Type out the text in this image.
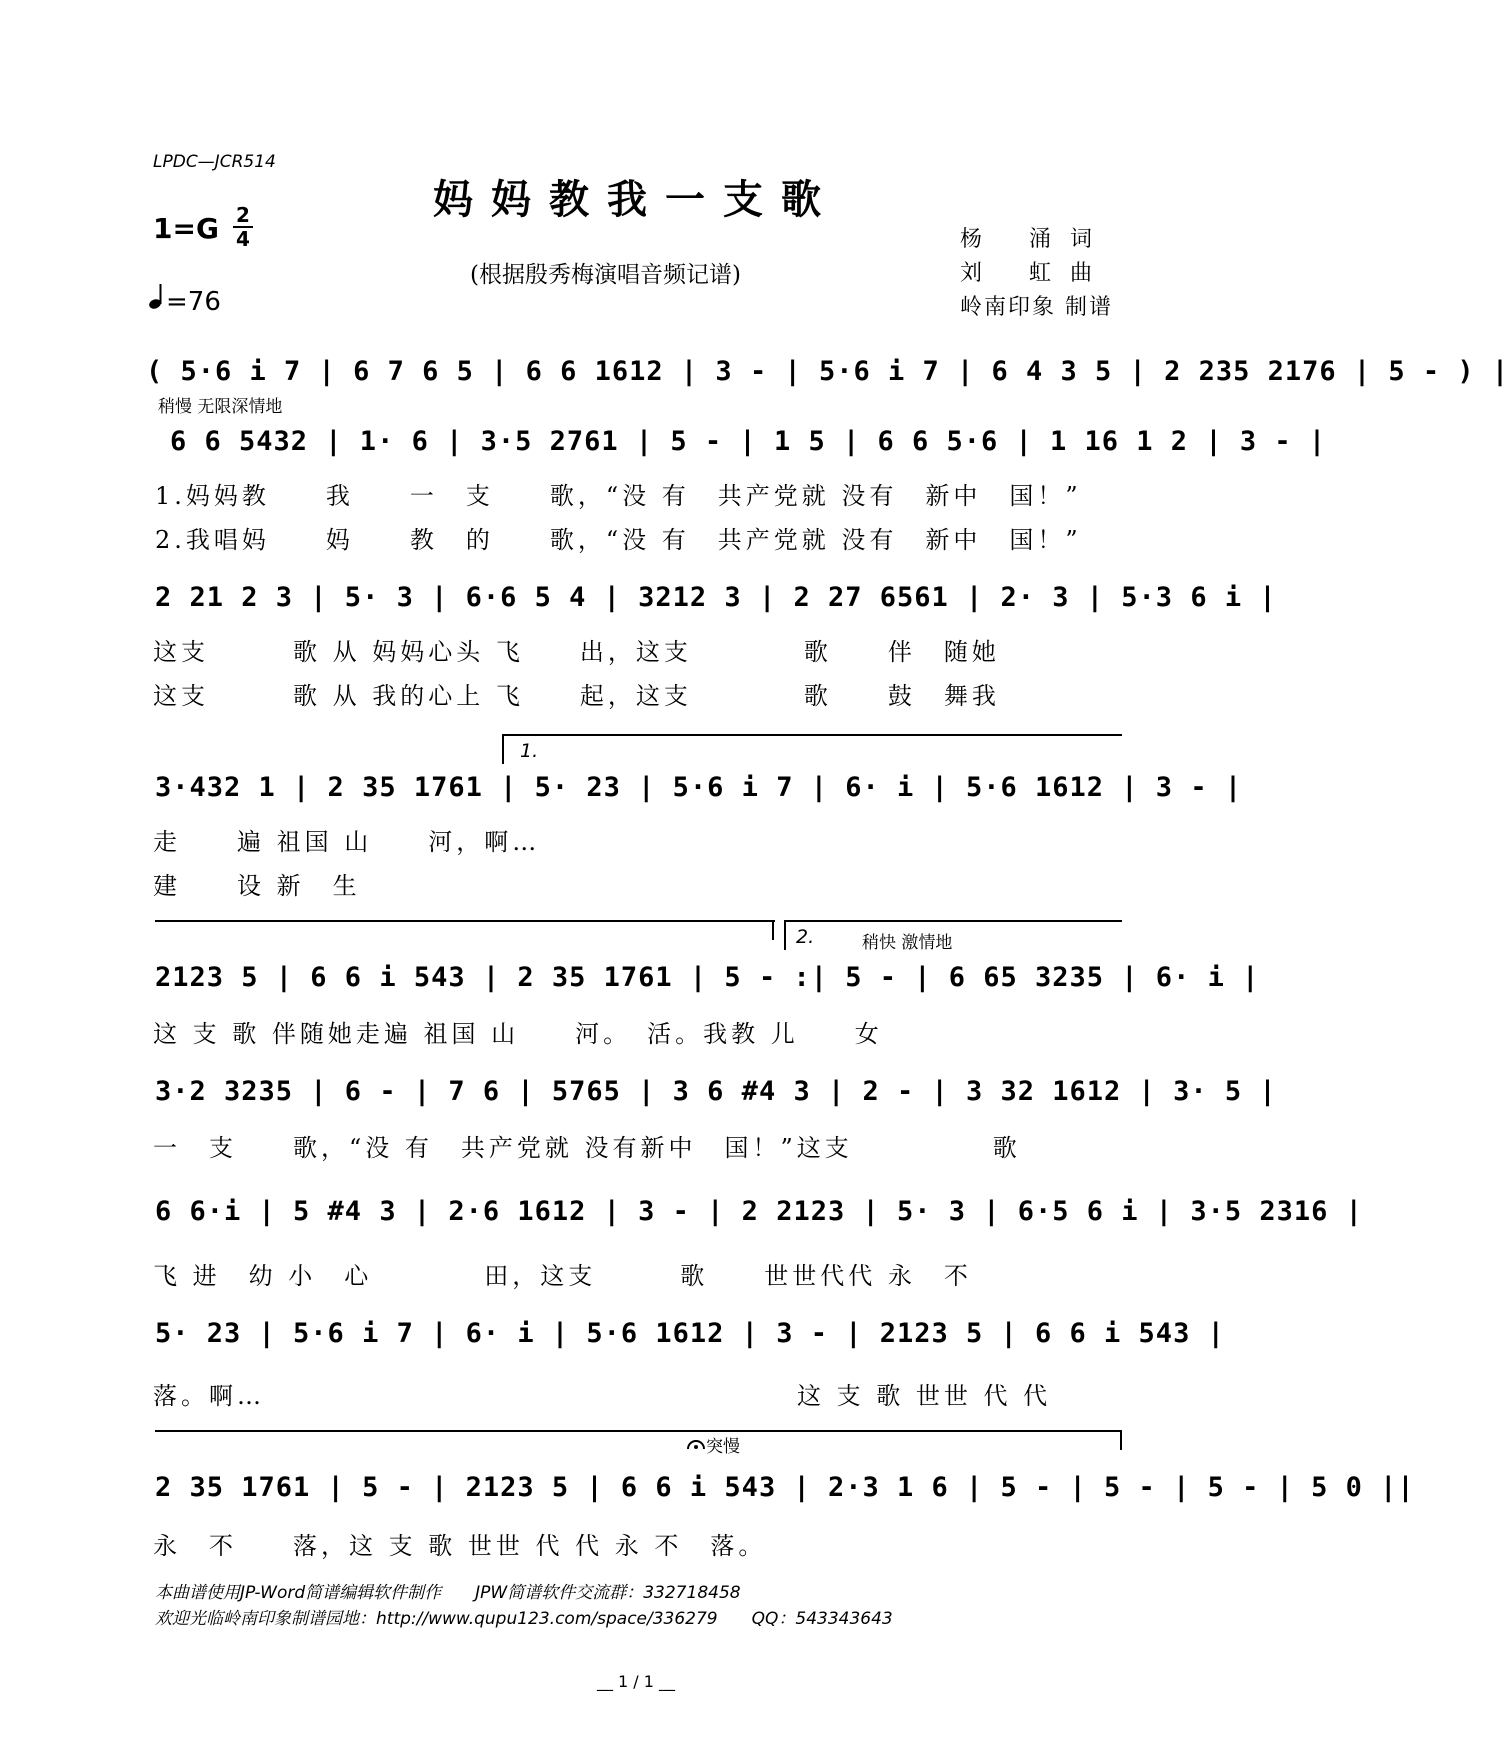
LPDC—JCR514
妈妈教我一支歌
(根据殷秀梅演唱音频记谱)
1=G 2
4
=76
杨　 涌 词
刘　 虹 曲
岭南印象 制谱
( 5·6 i 7 | 6 7 6 5 | 6 6 1612 | 3 - | 5·6 i 7 | 6 4 3 5 | 2 235 2176 | 5 - ) |
稍慢 无限深情地
6 6 5432 | 1· 6 | 3·5 2761 | 5 - | 1 5 | 6 6 5·6 | 1 16 1 2 | 3 - |
1.妈妈教　　我　　一　支　　歌，“没 有　共产党就 没有　新中　国！”
2.我唱妈　　妈　　教　的　　歌，“没 有　共产党就 没有　新中　国！”
2 21 2 3 | 5· 3 | 6·6 5 4 | 3212 3 | 2 27 6561 | 2· 3 | 5·3 6 i |
这支　　　歌 从 妈妈心头 飞　　出，这支　　　　歌　　伴　随她
这支　　　歌 从 我的心上 飞　　起，这支　　　　歌　　鼓　舞我
1.
3·432 1 | 2 35 1761 | 5· 23 | 5·6 i 7 | 6· i | 5·6 1612 | 3 - |
走　　遍 祖国 山　　河，啊…
建　　设 新　生
2.	稍快 激情地
2123 5 | 6 6 i 543 | 2 35 1761 | 5 - :| 5 - | 6 65 3235 | 6· i |
这 支 歌 伴随她走遍 祖国 山　　河。　活。我教 儿　　女
3·2 3235 | 6 - | 7 6 | 5765 | 3 6 #4 3 | 2 - | 3 32 1612 | 3· 5 |
一　支　　歌，“没 有　共产党就 没有新中　国！”这支　　　　　歌
6 6·i | 5 #4 3 | 2·6 1612 | 3 - | 2 2123 | 5· 3 | 6·5 6 i | 3·5 2316 |
飞 进　幼 小　心　　　　田，这支　　　歌　　世世代代 永　不
5· 23 | 5·6 i 7 | 6· i | 5·6 1612 | 3 - | 2123 5 | 6 6 i 543 |
落。啊…　　　　　　　　　　　　　　　　　　　这 支 歌 世世 代 代
突慢
2 35 1761 | 5 - | 2123 5 | 6 6 i 543 | 2·3 1 6 | 5 - | 5 - | 5 - | 5 0 ||
永　不　　落，这 支 歌 世世 代 代 永 不　落。
本曲谱使用JP-Word简谱编辑软件制作　　JPW简谱软件交流群：332718458
欢迎光临岭南印象制谱园地：http://www.qupu123.com/space/336279　　QQ：543343643
__ 1 / 1 __
